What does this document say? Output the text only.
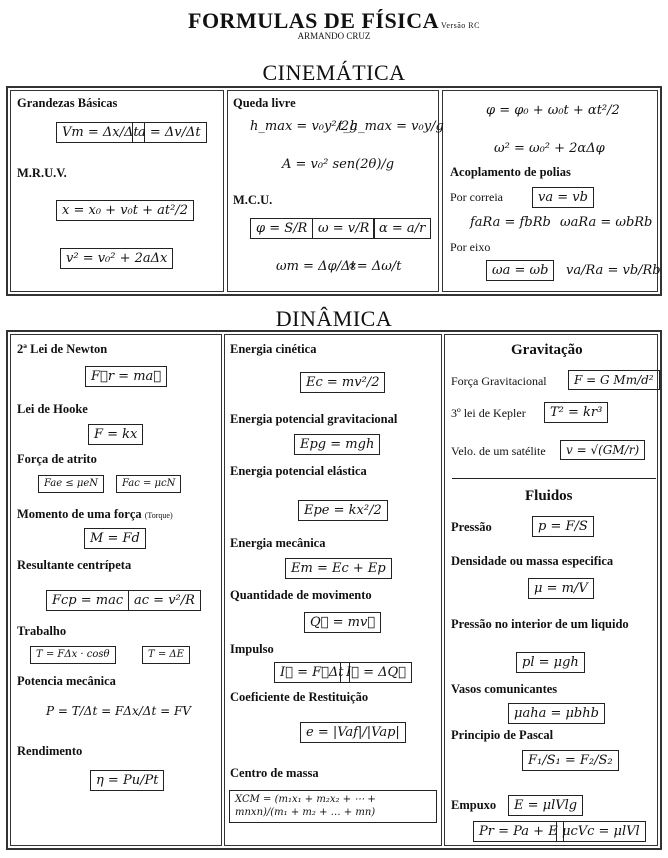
FORMULAS DE FÍSICA Versão RC
ARMANDO CRUZ
CINEMÁTICA
Grandezas Básicas
Vm = Δx/Δt a = Δv/Δt
M.R.U.V.
x = x₀ + v₀t + at²/2
v² = v₀² + 2aΔx
Queda livre
h_max = v₀y²/2g
t_h_max = v₀y/g
A = v₀² sen(2θ)/g
M.C.U.
φ = S/R ω = v/R α = a/r
ωm = Δφ/Δt
∝= Δω/t
φ = φ₀ + ω₀t + αt²/2
ω² = ω₀² + 2αΔφ
Acoplamento de polias
Por correia	va = vb
faRa = fbRb ωaRa = ωbRb
Por eixo
ωa = ωb	va/Ra = vb/Rb
DINÂMICA
2ª Lei de Newton
F⃗r = ma⃗
Lei de Hooke
F = kx
Força de atrito
Fae ≤ μeN	Fac = μcN
Momento de uma força (Torque)
M = Fd
Resultante centrípeta
Fcp = mac ac = v²/R
Trabalho
T = FΔx · cosθ	T = ΔE
Potencia mecânica
P = T/Δt = FΔx/Δt = FV
Rendimento
η = Pu/Pt
Energia cinética
Ec = mv²/2
Energia potencial gravitacional
Epg = mgh
Energia potencial elástica
Epe = kx²/2
Energia mecânica
Em = Ec + Ep
Quantidade de movimento
Q⃗ = mv⃗
Impulso
I⃗ = F⃗Δt I⃗ = ΔQ⃗
Coeficiente de Restituição
e = |Vaf|/|Vap|
Centro de massa
XCM = (m₁x₁ + m₂x₂ + ⋯ + mnxn)/(m₁ + m₂ + … + mn)
Gravitação
Força Gravitacional	F = G Mm/d²
3º lei de Kepler	T² = kr³
Velo. de um satélite	v = √(GM/r)
Fluidos
Pressão	p = F/S
Densidade ou massa especifica
μ = m/V
Pressão no interior de um liquido
pl = μgh
Vasos comunicantes
μaha = μbhb
Principio de Pascal
F₁/S₁ = F₂/S₂
Empuxo	E = μlVlg
Pr = Pa + E μcVc = μlVl
